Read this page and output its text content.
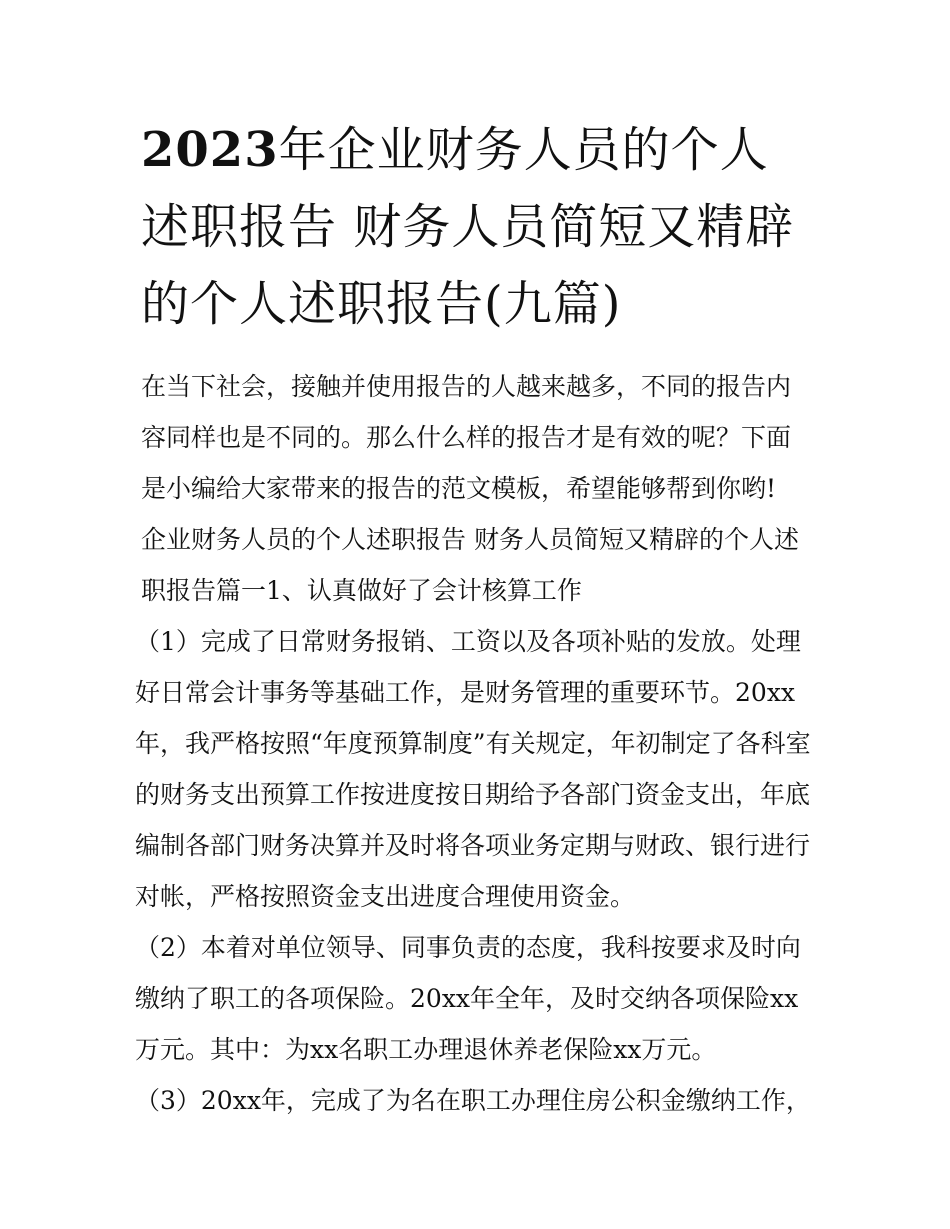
2023年企业财务人员的个人述职报告 财务人员简短又精辟的个人述职报告(九篇)

在当下社会，接触并使用报告的人越来越多，不同的报告内容同样也是不同的。那么什么样的报告才是有效的呢？下面是小编给大家带来的报告的范文模板，希望能够帮到你哟!

企业财务人员的个人述职报告 财务人员简短又精辟的个人述职报告篇一1、认真做好了会计核算工作

（1）完成了日常财务报销、工资以及各项补贴的发放。处理好日常会计事务等基础工作，是财务管理的重要环节。20xx年，我严格按照“年度预算制度”有关规定，年初制定了各科室的财务支出预算工作按进度按日期给予各部门资金支出，年底编制各部门财务决算并及时将各项业务定期与财政、银行进行对帐，严格按照资金支出进度合理使用资金。

（2）本着对单位领导、同事负责的态度，我科按要求及时向缴纳了职工的各项保险。20xx年全年，及时交纳各项保险xx万元。其中：为xx名职工办理退休养老保险xx万元。

（3）20xx年，完成了为名在职工办理住房公积金缴纳工作，
